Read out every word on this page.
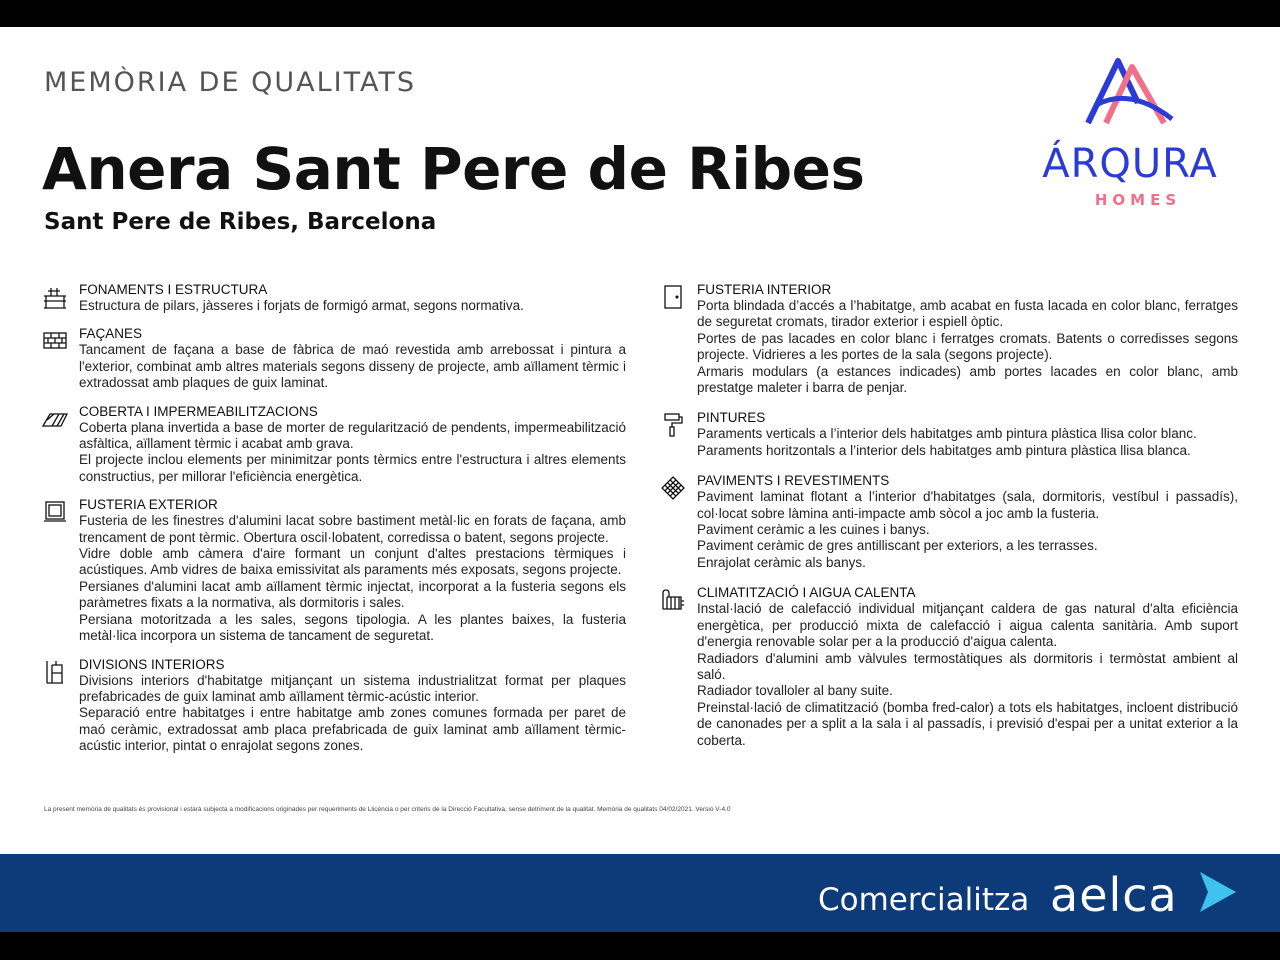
MEMÒRIA DE QUALITATS
Anera Sant Pere de Ribes
Sant Pere de Ribes, Barcelona
ÁRQURA
HOMES
FONAMENTS I ESTRUCTURA

Estructura de pilars, jàsseres i forjats de formigó armat, segons normativa.

FAÇANES

Tancament de façana a base de fàbrica de maó revestida amb arrebossat i pintura a l'exterior, combinat amb altres materials segons disseny de projecte, amb aïllament tèrmic i extradossat amb plaques de guix laminat.

COBERTA I IMPERMEABILITZACIONS

Coberta plana invertida a base de morter de regularització de pendents, impermeabilització asfàltica, aïllament tèrmic i acabat amb grava.

El projecte inclou elements per minimitzar ponts tèrmics entre l'estructura i altres elements constructius, per millorar l'eficiència energètica.

FUSTERIA EXTERIOR

Fusteria de les finestres d'alumini lacat sobre bastiment metàl·lic en forats de façana, amb trencament de pont tèrmic. Obertura oscil·lobatent, corredissa o batent, segons projecte.

Vidre doble amb càmera d'aire formant un conjunt d'altes prestacions tèrmiques i acústiques. Amb vidres de baixa emissivitat als paraments més exposats, segons projecte.

Persianes d'alumini lacat amb aïllament tèrmic injectat, incorporat a la fusteria segons els paràmetres fixats a la normativa, als dormitoris i sales.

Persiana motoritzada a les sales, segons tipologia. A les plantes baixes, la fusteria metàl·lica incorpora un sistema de tancament de seguretat.

DIVISIONS INTERIORS

Divisions interiors d'habitatge mitjançant un sistema industrialitzat format per plaques prefabricades de guix laminat amb aïllament tèrmic-acústic interior.

Separació entre habitatges i entre habitatge amb zones comunes formada per paret de maó ceràmic, extradossat amb placa prefabricada de guix laminat amb aïllament tèrmic-acústic interior, pintat o enrajolat segons zones.

FUSTERIA INTERIOR

Porta blindada d’accés a l’habitatge, amb acabat en fusta lacada en color blanc, ferratges de seguretat cromats, tirador exterior i espiell òptic.

Portes de pas lacades en color blanc i ferratges cromats. Batents o corredisses segons projecte. Vidrieres a les portes de la sala (segons projecte).

Armaris modulars (a estances indicades) amb portes lacades en color blanc, amb prestatge maleter i barra de penjar.

PINTURES

Paraments verticals a l’interior dels habitatges amb pintura plàstica llisa color blanc.

Paraments horitzontals a l’interior dels habitatges amb pintura plàstica llisa blanca.

PAVIMENTS I REVESTIMENTS

Paviment laminat flotant a l’interior d'habitatges (sala, dormitoris, vestíbul i passadís), col·locat sobre làmina anti-impacte amb sòcol a joc amb la fusteria.

Paviment ceràmic a les cuines i banys.

Paviment ceràmic de gres antilliscant per exteriors, a les terrasses.

Enrajolat ceràmic als banys.

CLIMATITZACIÓ I AIGUA CALENTA

Instal·lació de calefacció individual mitjançant caldera de gas natural d'alta eficiència energètica, per producció mixta de calefacció i aigua calenta sanitària. Amb suport d'energia renovable solar per a la producció d'aigua calenta.

Radiadors d'alumini amb vàlvules termostàtiques als dormitoris i termòstat ambient al saló.

Radiador tovalloler al bany suite.

Preinstal·lació de climatització (bomba fred-calor) a tots els habitatges, incloent distribució de canonades per a split a la sala i al passadís, i previsió d'espai per a unitat exterior a la coberta.

La present memòria de qualitats és provisional i estarà subjecta a modificacions originades per requeriments de Llicència o per criteris de la Direcció Facultativa, sense detriment de la qualitat. Memòria de qualitats 04/02/2021. Versió V-4.0
Comercialitza aelca
